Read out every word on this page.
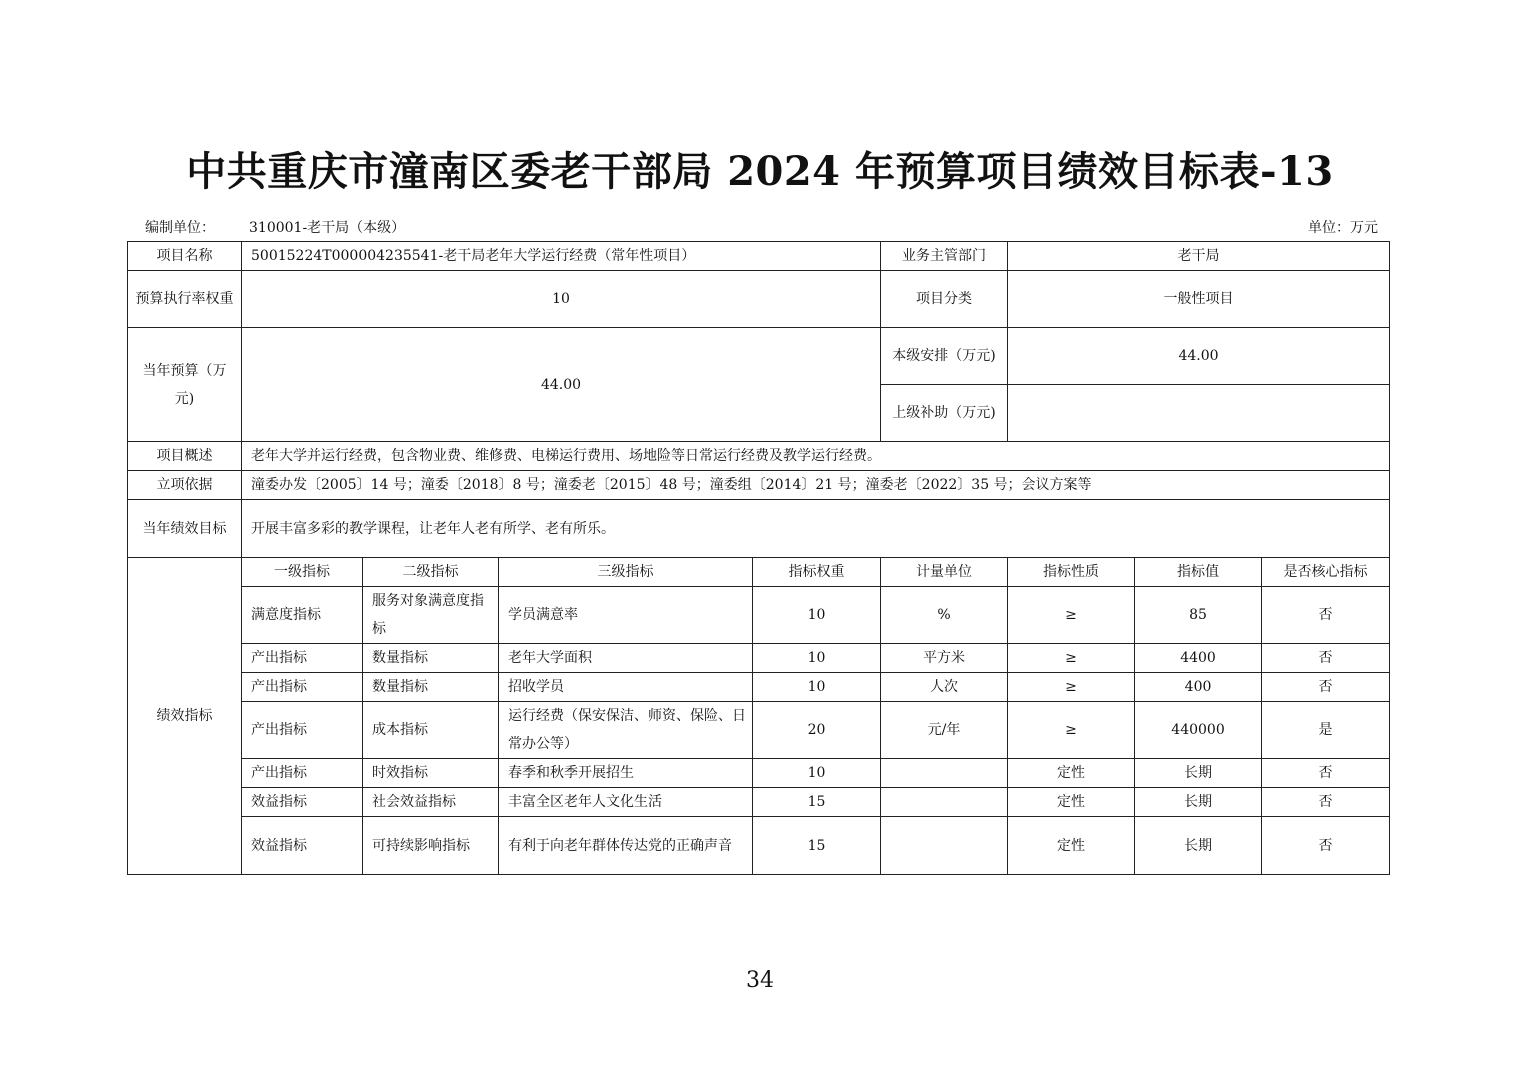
中共重庆市潼南区委老干部局 2024 年预算项目绩效目标表-13
编制单位： 310001-老干局（本级）	单位：万元
项目名称	50015224T000004235541-老干局老年大学运行经费（常年性项目）				业务主管部门	老干局		
预算执行率权重	10				项目分类	一般性项目		
当年预算（万元)	44.00				本级安排（万元)	44.00		
					上级补助（万元)			
项目概述	老年大学并运行经费，包含物业费、维修费、电梯运行费用、场地险等日常运行经费及教学运行经费。							
立项依据	潼委办发〔2005〕14 号；潼委〔2018〕8 号；潼委老〔2015〕48 号；潼委组〔2014〕21 号；潼委老〔2022〕35 号；会议方案等							
当年绩效目标	开展丰富多彩的教学课程，让老年人老有所学、老有所乐。							
绩效指标	一级指标	二级指标	三级指标	指标权重	计量单位	指标性质	指标值	是否核心指标
	满意度指标	服务对象满意度指标	学员满意率	10	%	≥	85	否
	产出指标	数量指标	老年大学面积	10	平方米	≥	4400	否
	产出指标	数量指标	招收学员	10	人次	≥	400	否
	产出指标	成本指标	运行经费（保安保洁、师资、保险、日常办公等）	20	元/年	≥	440000	是
	产出指标	时效指标	春季和秋季开展招生	10		定性	长期	否
	效益指标	社会效益指标	丰富全区老年人文化生活	15		定性	长期	否
	效益指标	可持续影响指标	有利于向老年群体传达党的正确声音	15		定性	长期	否
34
